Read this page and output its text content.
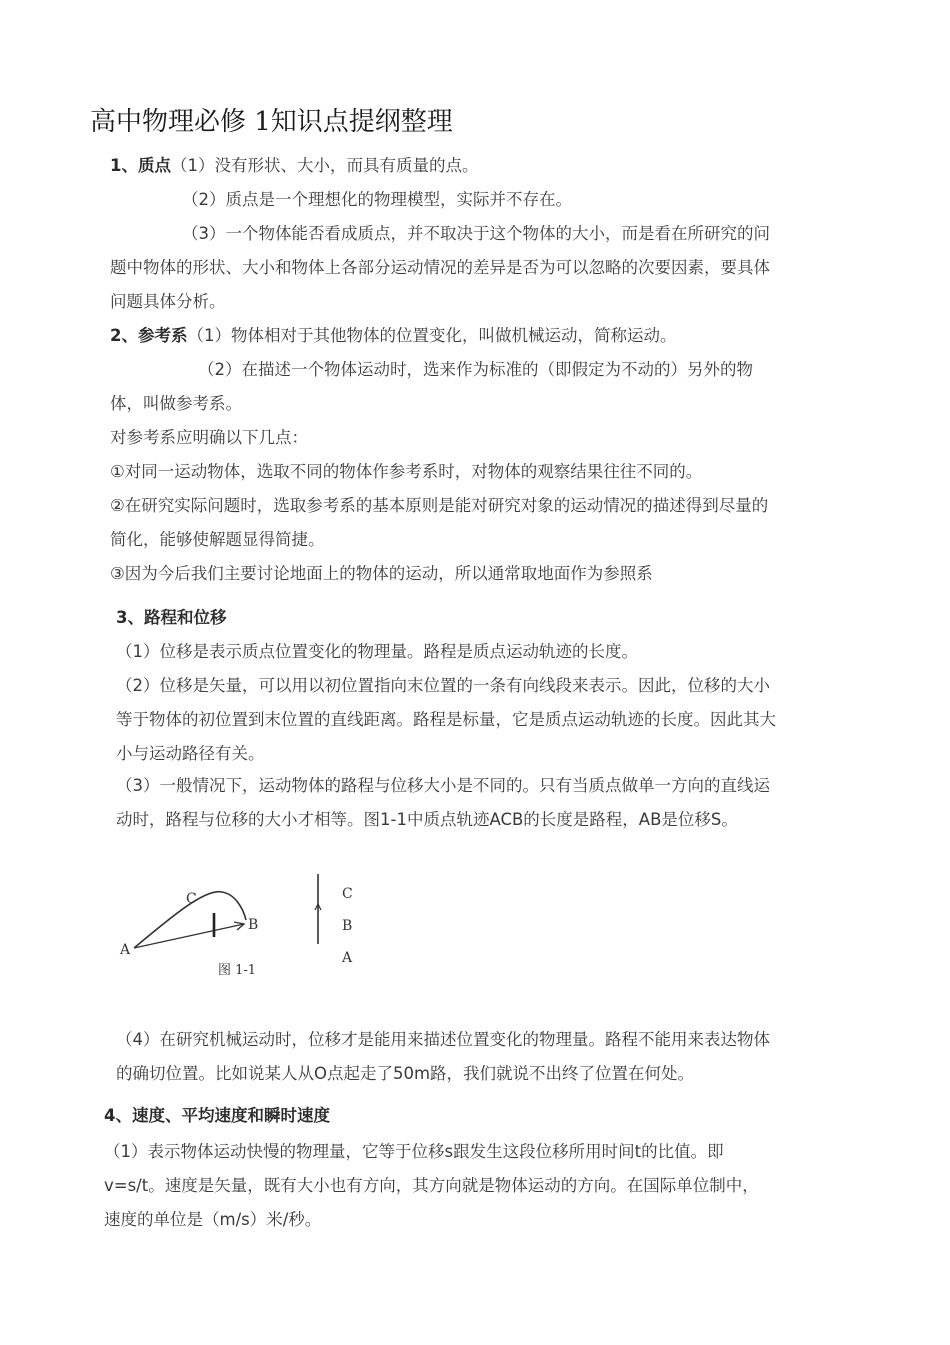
高中物理必修 1知识点提纲整理
1、质点（1）没有形状、大小，而具有质量的点。
（2）质点是一个理想化的物理模型，实际并不存在。
（3）一个物体能否看成质点，并不取决于这个物体的大小，而是看在所研究的问
题中物体的形状、大小和物体上各部分运动情况的差异是否为可以忽略的次要因素，要具体
问题具体分析。
2、参考系（1）物体相对于其他物体的位置变化，叫做机械运动，简称运动。
（2）在描述一个物体运动时，选来作为标准的（即假定为不动的）另外的物
体，叫做参考系。
对参考系应明确以下几点：
①对同一运动物体，选取不同的物体作参考系时，对物体的观察结果往往不同的。
②在研究实际问题时，选取参考系的基本原则是能对研究对象的运动情况的描述得到尽量的
简化，能够使解题显得简捷。
③因为今后我们主要讨论地面上的物体的运动，所以通常取地面作为参照系
3、路程和位移
（1）位移是表示质点位置变化的物理量。路程是质点运动轨迹的长度。
（2）位移是矢量，可以用以初位置指向末位置的一条有向线段来表示。因此，位移的大小
等于物体的初位置到末位置的直线距离。路程是标量，它是质点运动轨迹的长度。因此其大
小与运动路径有关。
（3）一般情况下，运动物体的路程与位移大小是不同的。只有当质点做单一方向的直线运
动时，路程与位移的大小才相等。图1-1中质点轨迹ACB的长度是路程，AB是位移S。
A
B
C
图 1-1
C
B
A
（4）在研究机械运动时，位移才是能用来描述位置变化的物理量。路程不能用来表达物体
的确切位置。比如说某人从O点起走了50m路，我们就说不出终了位置在何处。
4、速度、平均速度和瞬时速度
（1）表示物体运动快慢的物理量，它等于位移s跟发生这段位移所用时间t的比值。即
v=s/t。速度是矢量，既有大小也有方向，其方向就是物体运动的方向。在国际单位制中，
速度的单位是（m/s）米/秒。
